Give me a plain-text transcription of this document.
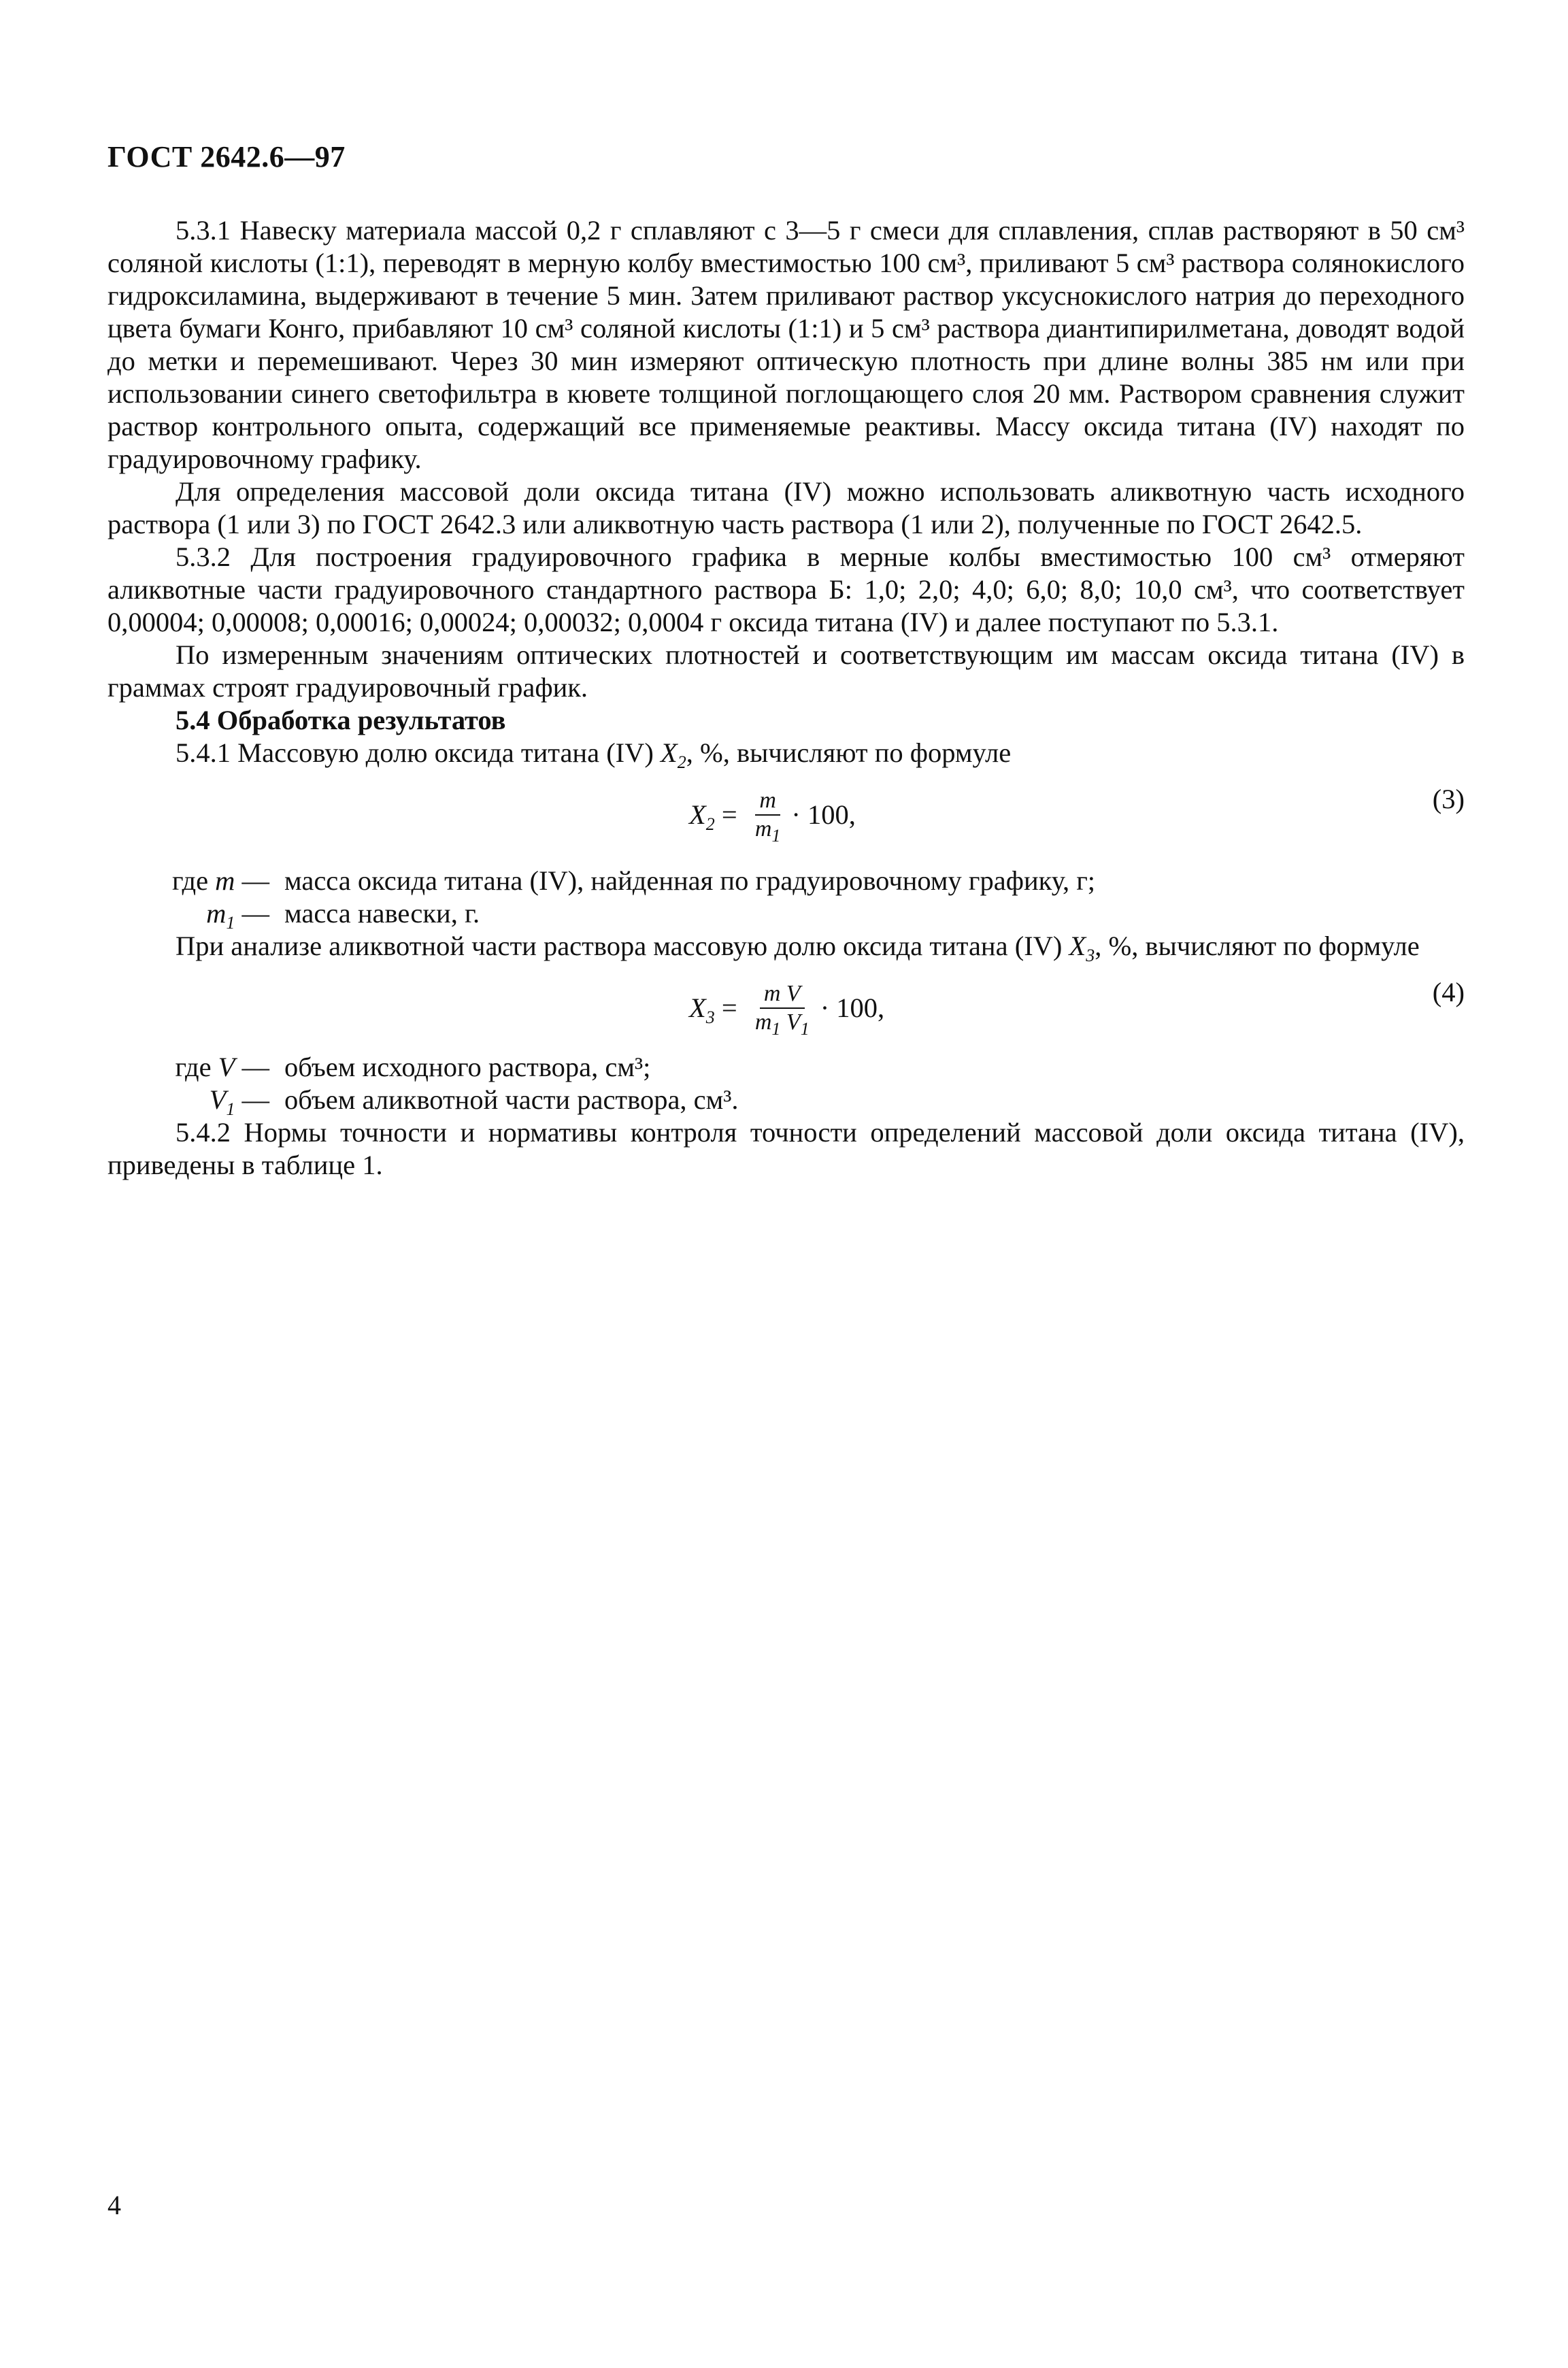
ГОСТ 2642.6—97

5.3.1 Навеску материала массой 0,2 г сплавляют с 3—5 г смеси для сплавления, сплав растворяют в 50 см³ соляной кислоты (1:1), переводят в мерную колбу вместимостью 100 см³, приливают 5 см³ раствора солянокислого гидроксиламина, выдерживают в течение 5 мин. Затем приливают раствор уксуснокислого натрия до переходного цвета бумаги Конго, прибавляют 10 см³ соляной кислоты (1:1) и 5 см³ раствора диантипирилметана, доводят водой до метки и перемешивают. Через 30 мин измеряют оптическую плотность при длине волны 385 нм или при использовании синего светофильтра в кювете толщиной поглощающего слоя 20 мм. Раствором сравнения служит раствор контрольного опыта, содержащий все применяемые реактивы. Массу оксида титана (IV) находят по градуировочному графику.

Для определения массовой доли оксида титана (IV) можно использовать аликвотную часть исходного раствора (1 или 3) по ГОСТ 2642.3 или аликвотную часть раствора (1 или 2), полученные по ГОСТ 2642.5.

5.3.2 Для построения градуировочного графика в мерные колбы вместимостью 100 см³ отмеряют аликвотные части градуировочного стандартного раствора Б: 1,0; 2,0; 4,0; 6,0; 8,0; 10,0 см³, что соответствует 0,00004; 0,00008; 0,00016; 0,00024; 0,00032; 0,0004 г оксида титана (IV) и далее поступают по 5.3.1.

По измеренным значениям оптических плотностей и соответствующим им массам оксида титана (IV) в граммах строят градуировочный график.

5.4 Обработка результатов

5.4.1 Массовую долю оксида титана (IV) $X_2$, %, вычисляют по формуле

$X_2 = \frac{m}{m_1} \cdot 100$,
(3)
где m
— масса оксида титана (IV), найденная по градуировочному графику, г;
$m_1$
— масса навески, г.

При анализе аликвотной части раствора массовую долю оксида титана (IV) $X_3$, %, вычисляют по формуле

$X_3 = \frac{\text{m V}}{m_1 V_1} \cdot 100$,
(4)
где V
— объем исходного раствора, см³;
$V_1$
— объем аликвотной части раствора, см³.

5.4.2 Нормы точности и нормативы контроля точности определений массовой доли оксида титана (IV), приведены в таблице 1.

4
